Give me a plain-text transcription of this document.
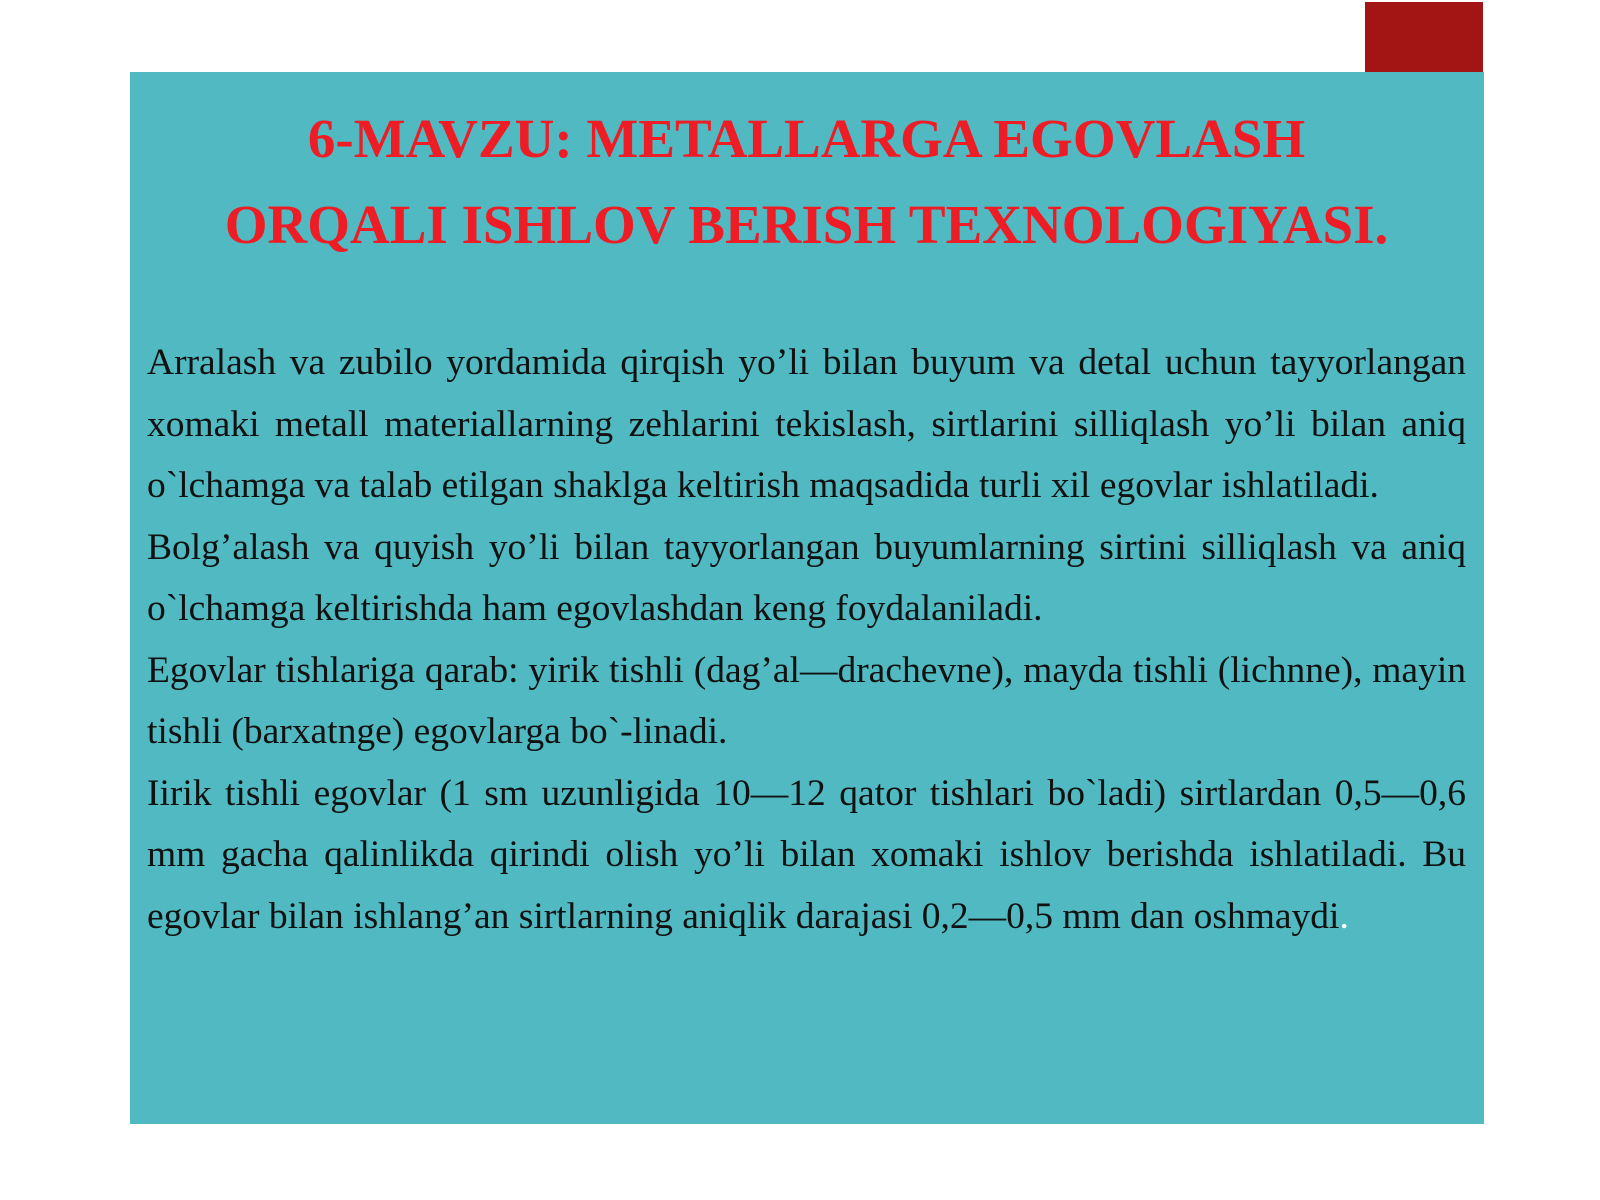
6-MAVZU: METALLARGA EGOVLASH
ORQALI ISHLOV BERISH TEXNOLOGIYASI.

Arralash va zubilo yordamida qirqish yo’li bilan buyum va detal uchun tayyorlangan xomaki metall materiallarning zehlarini tekislash, sirtlarini silliqlash yo’li bilan aniq o`lchamga va talab etilgan shaklga keltirish maqsadida turli xil egovlar ishlatiladi.

Bolg’alash va quyish yo’li bilan tayyorlangan buyumlarning sirtini silliqlash va aniq o`lchamga keltirishda ham egovlashdan keng foydalaniladi.

Egovlar tishlariga qarab: yirik tishli (dag’al—drachevne), mayda tishli (lichnne), mayin tishli (barxatnge) egovlarga bo`-linadi.

Iirik tishli egovlar (1 sm uzunligida 10—12 qator tishlari bo`ladi) sirtlardan 0,5—0,6 mm gacha qalinlikda qirindi olish yo’li bilan xomaki ishlov berishda ishlatiladi. Bu egovlar bilan ishlang’an sirtlarning aniqlik darajasi 0,2—0,5 mm dan oshmaydi.
